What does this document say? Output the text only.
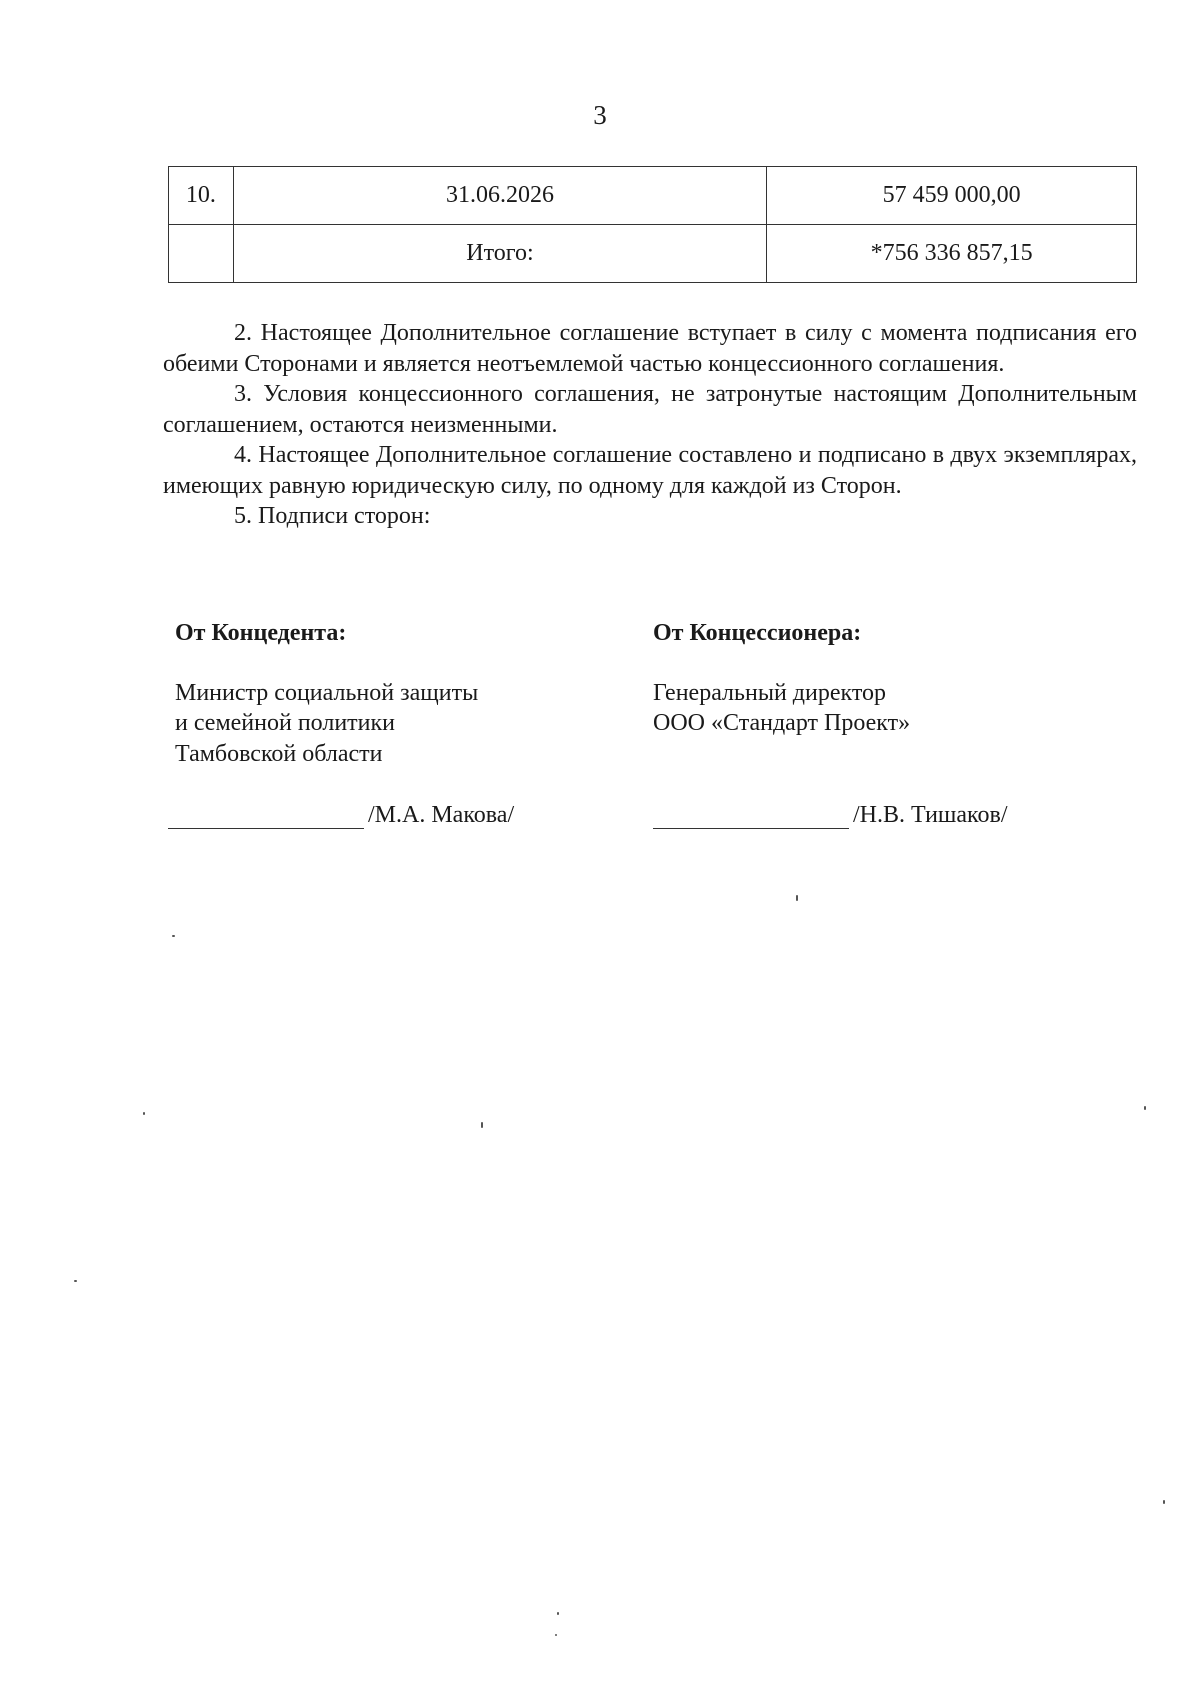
3
10.	31.06.2026	57 459 000,00
	Итого:	*756 336 857,15

2. Настоящее Дополнительное соглашение вступает в силу с момента подписания его обеими Сторонами и является неотъемлемой частью концессионного соглашения.

3. Условия концессионного соглашения, не затронутые настоящим Дополнительным соглашением, остаются неизменными.

4. Настоящее Дополнительное соглашение составлено и подписано в двух экземплярах, имеющих равную юридическую силу, по одному для каждой из Сторон.

5. Подписи сторон:

От Концедента:
Министр социальной защиты
и семейной политики
Тамбовской области
От Концессионера:
Генеральный директор
ООО «Стандарт Проект»
/М.А. Макова/	/Н.В. Тишаков/
